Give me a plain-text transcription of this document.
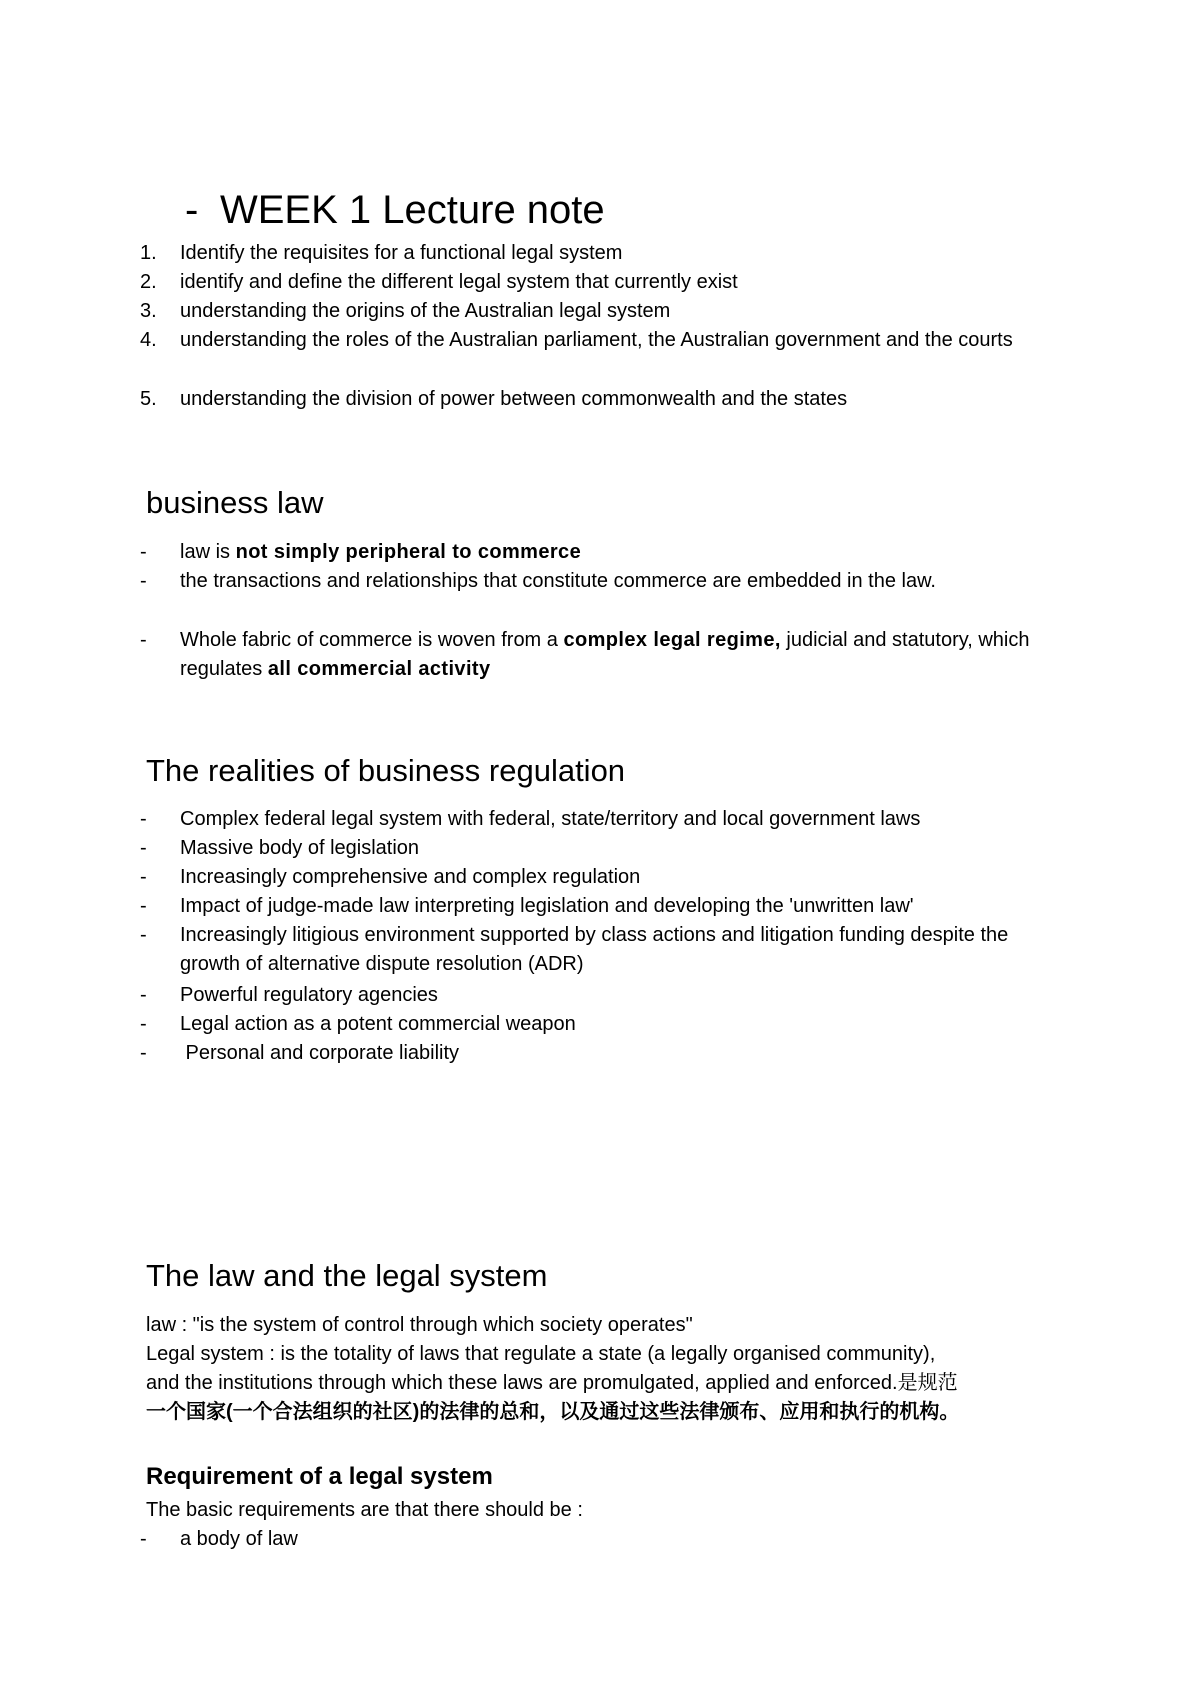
- WEEK 1 Lecture note
1.	Identify the requisites for a functional legal system
2.	identify and define the different legal system that currently exist
3.	understanding the origins of the Australian legal system
4.	understanding the roles of the Australian parliament, the Australian government and the courts
5.	understanding the division of power between commonwealth and the states
business law
-	law is not simply peripheral to commerce
-	the transactions and relationships that constitute commerce are embedded in the law.
-	Whole fabric of commerce is woven from a complex legal regime, judicial and statutory, which regulates all commercial activity
The realities of business regulation
-	Complex federal legal system with federal, state/territory and local government laws
-	Massive body of legislation
-	Increasingly comprehensive and complex regulation
-	Impact of judge-made law interpreting legislation and developing the 'unwritten law'
-	Increasingly litigious environment supported by class actions and litigation funding despite the growth of alternative dispute resolution (ADR)
-	Powerful regulatory agencies
-	Legal action as a potent commercial weapon
-	Personal and corporate liability
The law and the legal system
law : "is the system of control through which society operates"
Legal system : is the totality of laws that regulate a state (a legally organised community),
and the institutions through which these laws are promulgated, applied and enforced.是规范
一个国家(一个合法组织的社区)的法律的总和，以及通过这些法律颁布、应用和执行的机构。
Requirement of a legal system
The basic requirements are that there should be :
-	a body of law
